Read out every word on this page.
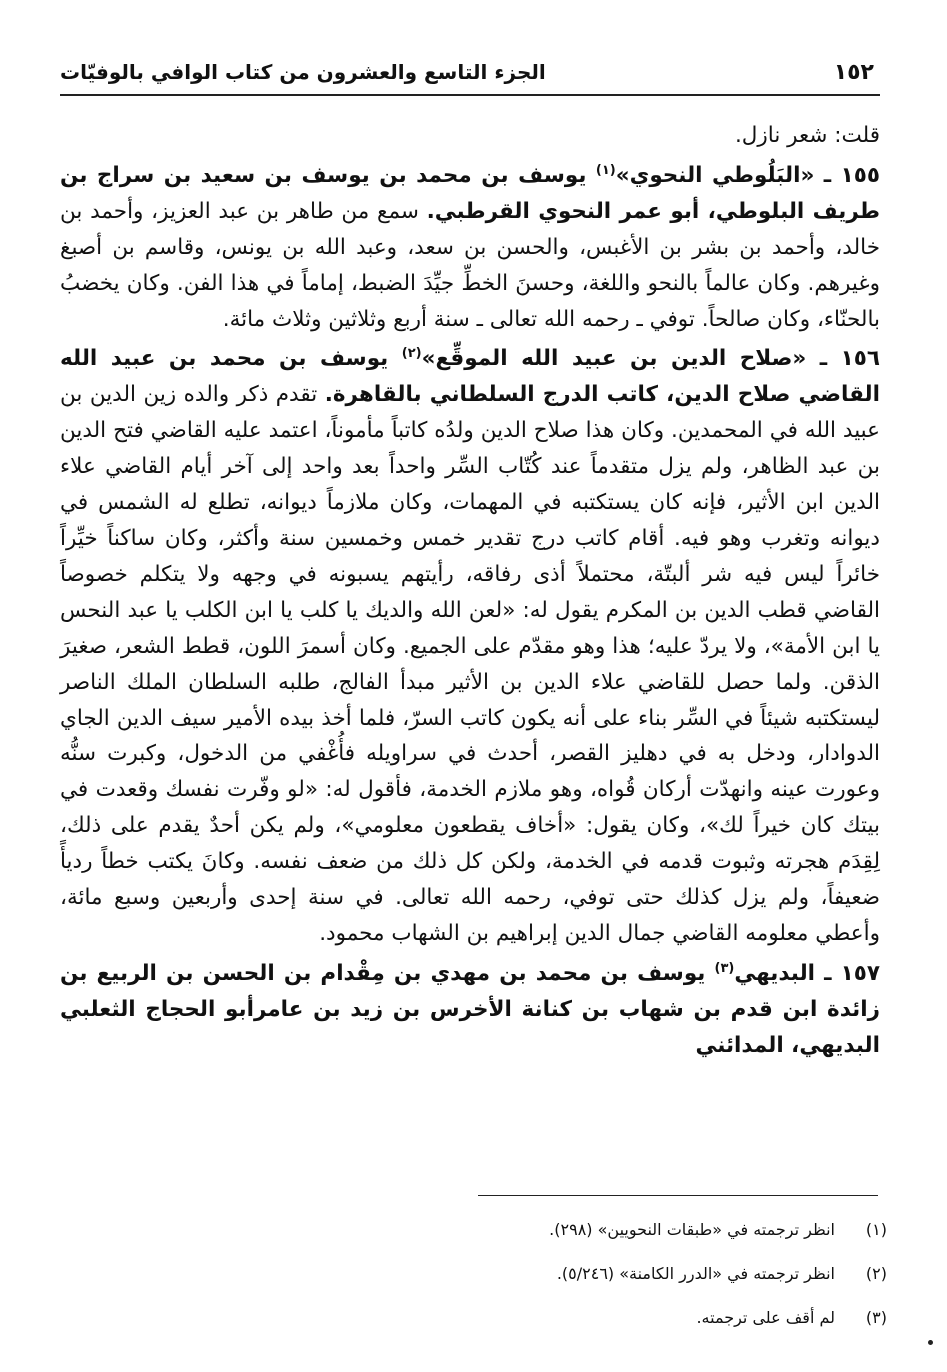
١٥٢
الجزء التاسع والعشرون من كتاب الوافي بالوفيّات

قلت: شعر نازل.

١٥٥ ـ «البَلُوطي النحوي»$^{(١)}$ يوسف بن محمد بن يوسف بن سعيد بن سراج بن طريف البلوطي، أبو عمر النحوي القرطبي. سمع من طاهر بن عبد العزيز، وأحمد بن خالد، وأحمد بن بشر بن الأغبس، والحسن بن سعد، وعبد الله بن يونس، وقاسم بن أصبغ وغيرهم. وكان عالماً بالنحو واللغة، وحسنَ الخطِّ جيِّدَ الضبط، إماماً في هذا الفن. وكان يخضبُ بالحنّاء، وكان صالحاً. توفي ـ رحمه الله تعالى ـ سنة أربع وثلاثين وثلاث مائة.

١٥٦ ـ «صلاح الدين بن عبيد الله الموقِّع»$^{(٢)}$ يوسف بن محمد بن عبيد الله القاضي صلاح الدين، كاتب الدرج السلطاني بالقاهرة. تقدم ذكر والده زين الدين بن عبيد الله في المحمدين. وكان هذا صلاح الدين ولدُه كاتباً مأموناً، اعتمد عليه القاضي فتح الدين بن عبد الظاهر، ولم يزل متقدماً عند كُتّاب السِّر واحداً بعد واحد إلى آخر أيام القاضي علاء الدين ابن الأثير، فإنه كان يستكتبه في المهمات، وكان ملازماً ديوانه، تطلع له الشمس في ديوانه وتغرب وهو فيه. أقام كاتب درج تقدير خمس وخمسين سنة وأكثر، وكان ساكناً خيِّراً خائراً ليس فيه شر ألبتّة، محتملاً أذى رفاقه، رأيتهم يسبونه في وجهه ولا يتكلم خصوصاً القاضي قطب الدين بن المكرم يقول له: «لعن الله والديك يا كلب يا ابن الكلب يا عبد النحس يا ابن الأمة»، ولا يردّ عليه؛ هذا وهو مقدّم على الجميع. وكان أسمرَ اللون، قطط الشعر، صغيرَ الذقن. ولما حصل للقاضي علاء الدين بن الأثير مبدأ الفالج، طلبه السلطان الملك الناصر ليستكتبه شيئاً في السِّر بناء على أنه يكون كاتب السرّ، فلما أخذ بيده الأمير سيف الدين الجاي الدوادار، ودخل به في دهليز القصر، أحدث في سراويله فأُغْفي من الدخول، وكبرت سنُّه وعورت عينه وانهدّت أركان قُواه، وهو ملازم الخدمة، فأقول له: «لو وفّرت نفسك وقعدت في بيتك كان خيراً لك»، وكان يقول: «أخاف يقطعون معلومي»، ولم يكن أحدٌ يقدم على ذلك، لِقِدَم هجرته وثبوت قدمه في الخدمة، ولكن كل ذلك من ضعف نفسه. وكانَ يكتب خطاً رديأً ضعيفاً، ولم يزل كذلك حتى توفي، رحمه الله تعالى. في سنة إحدى وأربعين وسبع مائة، وأعطي معلومه القاضي جمال الدين إبراهيم بن الشهاب محمود.

١٥٧ ـ البديهي$^{(٣)}$ يوسف بن محمد بن مهدي بن مِقْدام بن الحسن بن الربيع بن زائدة ابن قدم بن شهاب بن كنانة الأخرس بن زيد بن عامرأبو الحجاج الثعلبي البديهي، المدائني

(١)
انظر ترجمته في «طبقات النحويين» (٢٩٨).
(٢)
انظر ترجمته في «الدرر الكامنة» (٥/٢٤٦).
(٣)
لم أقف على ترجمته.
